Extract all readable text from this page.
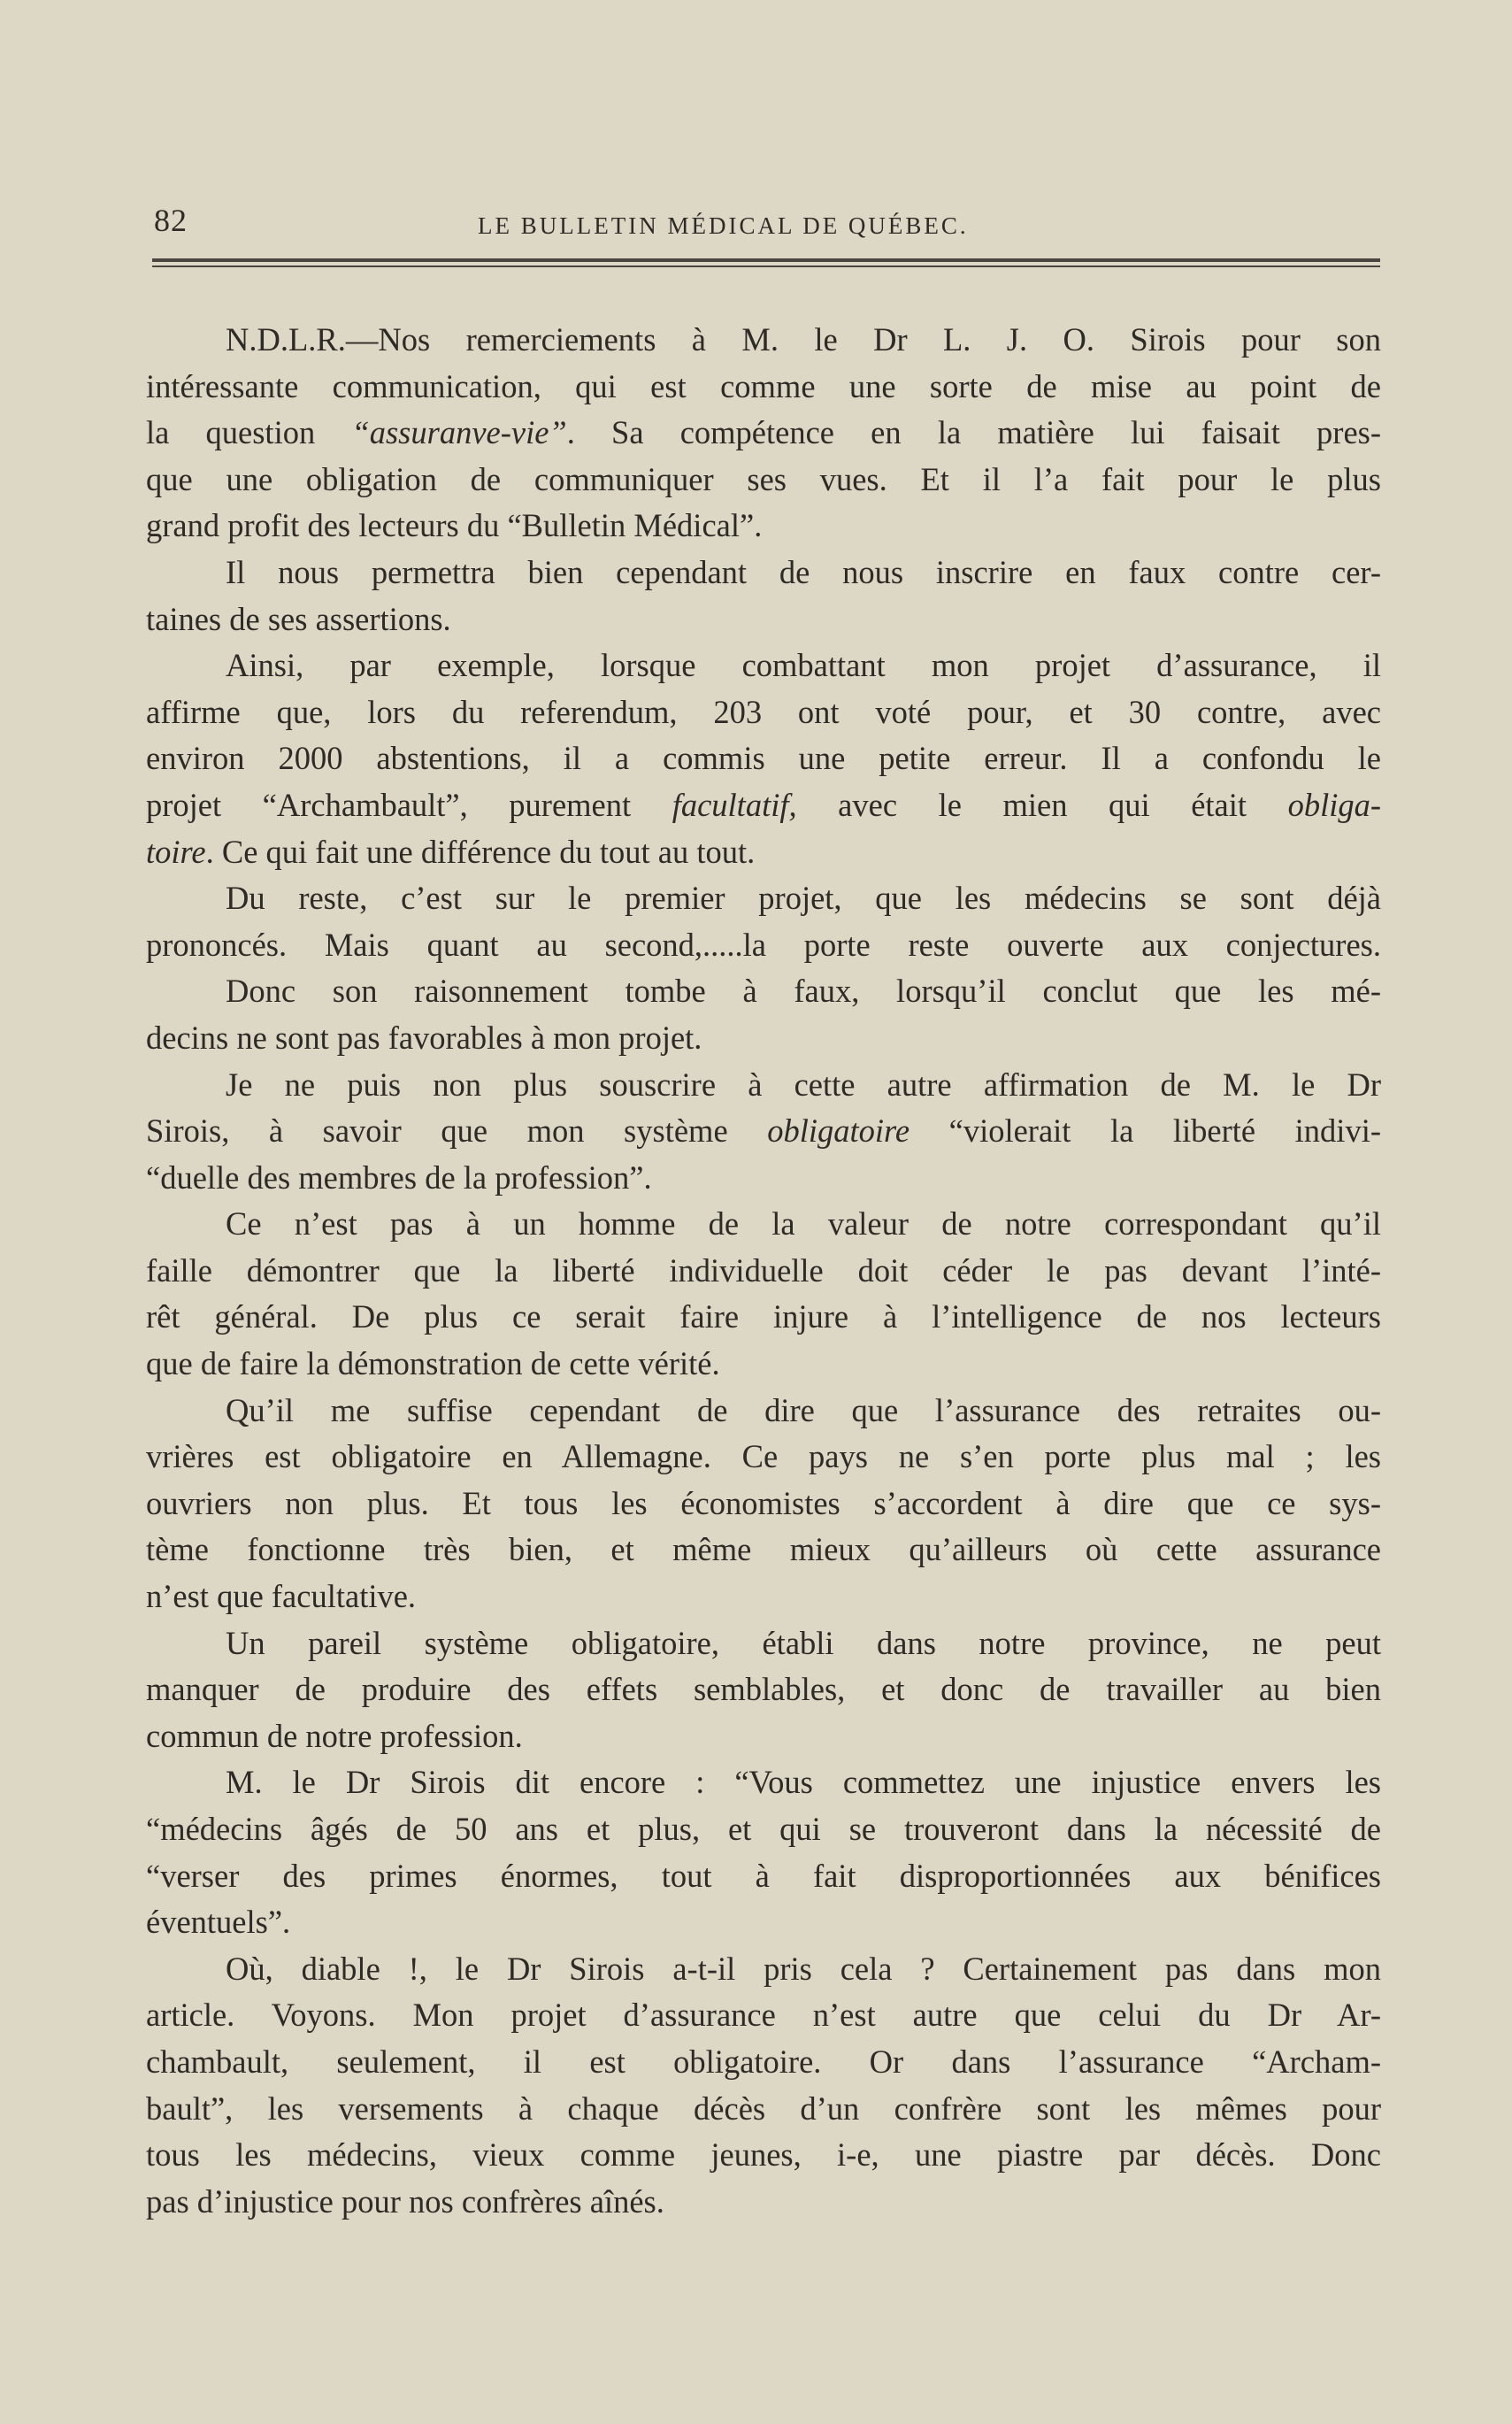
82	LE BULLETIN MÉDICAL DE QUÉBEC.
N.D.L.R.—Nos remerciements à M. le Dr L. J. O. Sirois pour son
intéressante communication, qui est comme une sorte de mise au point de
la question “assuranve-vie”. Sa compétence en la matière lui faisait pres-
que une obligation de communiquer ses vues. Et il l’a fait pour le plus
grand profit des lecteurs du “Bulletin Médical”.
Il nous permettra bien cependant de nous inscrire en faux contre cer-
taines de ses assertions.
Ainsi, par exemple, lorsque combattant mon projet d’assurance, il
affirme que, lors du referendum, 203 ont voté pour, et 30 contre, avec
environ 2000 abstentions, il a commis une petite erreur. Il a confondu le
projet “Archambault”, purement facultatif, avec le mien qui était obliga-
toire. Ce qui fait une différence du tout au tout.
Du reste, c’est sur le premier projet, que les médecins se sont déjà
prononcés. Mais quant au second,.....la porte reste ouverte aux conjectures.
Donc son raisonnement tombe à faux, lorsqu’il conclut que les mé-
decins ne sont pas favorables à mon projet.
Je ne puis non plus souscrire à cette autre affirmation de M. le Dr
Sirois, à savoir que mon système obligatoire “violerait la liberté indivi-
“duelle des membres de la profession”.
Ce n’est pas à un homme de la valeur de notre correspondant qu’il
faille démontrer que la liberté individuelle doit céder le pas devant l’inté-
rêt général. De plus ce serait faire injure à l’intelligence de nos lecteurs
que de faire la démonstration de cette vérité.
Qu’il me suffise cependant de dire que l’assurance des retraites ou-
vrières est obligatoire en Allemagne. Ce pays ne s’en porte plus mal ; les
ouvriers non plus. Et tous les économistes s’accordent à dire que ce sys-
tème fonctionne très bien, et même mieux qu’ailleurs où cette assurance
n’est que facultative.
Un pareil système obligatoire, établi dans notre province, ne peut
manquer de produire des effets semblables, et donc de travailler au bien
commun de notre profession.
M. le Dr Sirois dit encore : “Vous commettez une injustice envers les
“médecins âgés de 50 ans et plus, et qui se trouveront dans la nécessité de
“verser des primes énormes, tout à fait disproportionnées aux bénifices
éventuels”.
Où, diable !, le Dr Sirois a-t-il pris cela ? Certainement pas dans mon
article. Voyons. Mon projet d’assurance n’est autre que celui du Dr Ar-
chambault, seulement, il est obligatoire. Or dans l’assurance “Archam-
bault”, les versements à chaque décès d’un confrère sont les mêmes pour
tous les médecins, vieux comme jeunes, i-e, une piastre par décès. Donc
pas d’injustice pour nos confrères aînés.
